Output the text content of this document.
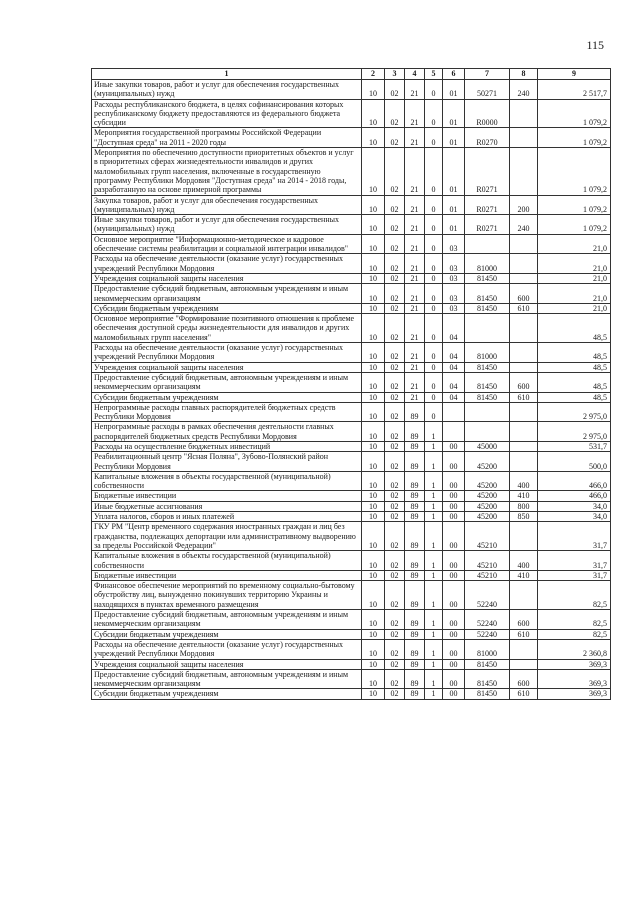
115
1	2	3	4	5	6	7	8	9
Иные закупки товаров, работ и услуг для обеспечения государственных (муниципальных) нужд	10	02	21	0	01	50271	240	2 517,7
Расходы республиканского бюджета, в целях софинансирования которых республиканскому бюджету предоставляются из федерального бюджета субсидии	10	02	21	0	01	R0000		1 079,2
Мероприятия государственной программы Российской Федерации "Доступная среда" на 2011 - 2020 годы	10	02	21	0	01	R0270		1 079,2
Мероприятия по обеспечению доступности приоритетных объектов и услуг в приоритетных сферах жизнедеятельности инвалидов и других маломобильных групп населения, включенные в государственную программу Республики Мордовия "Доступная среда" на 2014 - 2018 годы, разработанную на основе примерной программы	10	02	21	0	01	R0271		1 079,2
Закупка товаров, работ и услуг для обеспечения государственных (муниципальных) нужд	10	02	21	0	01	R0271	200	1 079,2
Иные закупки товаров, работ и услуг для обеспечения государственных (муниципальных) нужд	10	02	21	0	01	R0271	240	1 079,2
Основное мероприятие "Информационно-методическое и кадровое обеспечение системы реабилитации и социальной интеграции инвалидов"	10	02	21	0	03			21,0
Расходы на обеспечение деятельности (оказание услуг) государственных учреждений Республики Мордовия	10	02	21	0	03	81000		21,0
Учреждения социальной защиты населения	10	02	21	0	03	81450		21,0
Предоставление субсидий бюджетным, автономным учреждениям и иным некоммерческим организациям	10	02	21	0	03	81450	600	21,0
Субсидии бюджетным учреждениям	10	02	21	0	03	81450	610	21,0
Основное мероприятие "Формирование позитивного отношения к проблеме обеспечения доступной среды жизнедеятельности для инвалидов и других маломобильных групп населения"	10	02	21	0	04			48,5
Расходы на обеспечение деятельности (оказание услуг) государственных учреждений Республики Мордовия	10	02	21	0	04	81000		48,5
Учреждения социальной защиты населения	10	02	21	0	04	81450		48,5
Предоставление субсидий бюджетным, автономным учреждениям и иным некоммерческим организациям	10	02	21	0	04	81450	600	48,5
Субсидии бюджетным учреждениям	10	02	21	0	04	81450	610	48,5
Непрограммные расходы главных распорядителей бюджетных средств Республики Мордовия	10	02	89	0				2 975,0
Непрограммные расходы в рамках обеспечения деятельности главных распорядителей бюджетных средств Республики Мордовия	10	02	89	1				2 975,0
Расходы на осуществление бюджетных инвестиций	10	02	89	1	00	45000		531,7
Реабилитационный центр "Ясная Поляна", Зубово-Полянский район Республики Мордовия	10	02	89	1	00	45200		500,0
Капитальные вложения в объекты государственной (муниципальной) собственности	10	02	89	1	00	45200	400	466,0
Бюджетные инвестиции	10	02	89	1	00	45200	410	466,0
Иные бюджетные ассигнования	10	02	89	1	00	45200	800	34,0
Уплата налогов, сборов и иных платежей	10	02	89	1	00	45200	850	34,0
ГКУ РМ "Центр временного содержания иностранных граждан и лиц без гражданства, подлежащих депортации или административному выдворению за пределы Российской Федерации"	10	02	89	1	00	45210		31,7
Капитальные вложения в объекты государственной (муниципальной) собственности	10	02	89	1	00	45210	400	31,7
Бюджетные инвестиции	10	02	89	1	00	45210	410	31,7
Финансовое обеспечение мероприятий по временному социально-бытовому обустройству лиц, вынужденно покинувших территорию Украины и находящихся в пунктах временного размещения	10	02	89	1	00	52240		82,5
Предоставление субсидий бюджетным, автономным учреждениям и иным некоммерческим организациям	10	02	89	1	00	52240	600	82,5
Субсидии бюджетным учреждениям	10	02	89	1	00	52240	610	82,5
Расходы на обеспечение деятельности (оказание услуг) государственных учреждений Республики Мордовия	10	02	89	1	00	81000		2 360,8
Учреждения социальной защиты населения	10	02	89	1	00	81450		369,3
Предоставление субсидий бюджетным, автономным учреждениям и иным некоммерческим организациям	10	02	89	1	00	81450	600	369,3
Субсидии бюджетным учреждениям	10	02	89	1	00	81450	610	369,3
